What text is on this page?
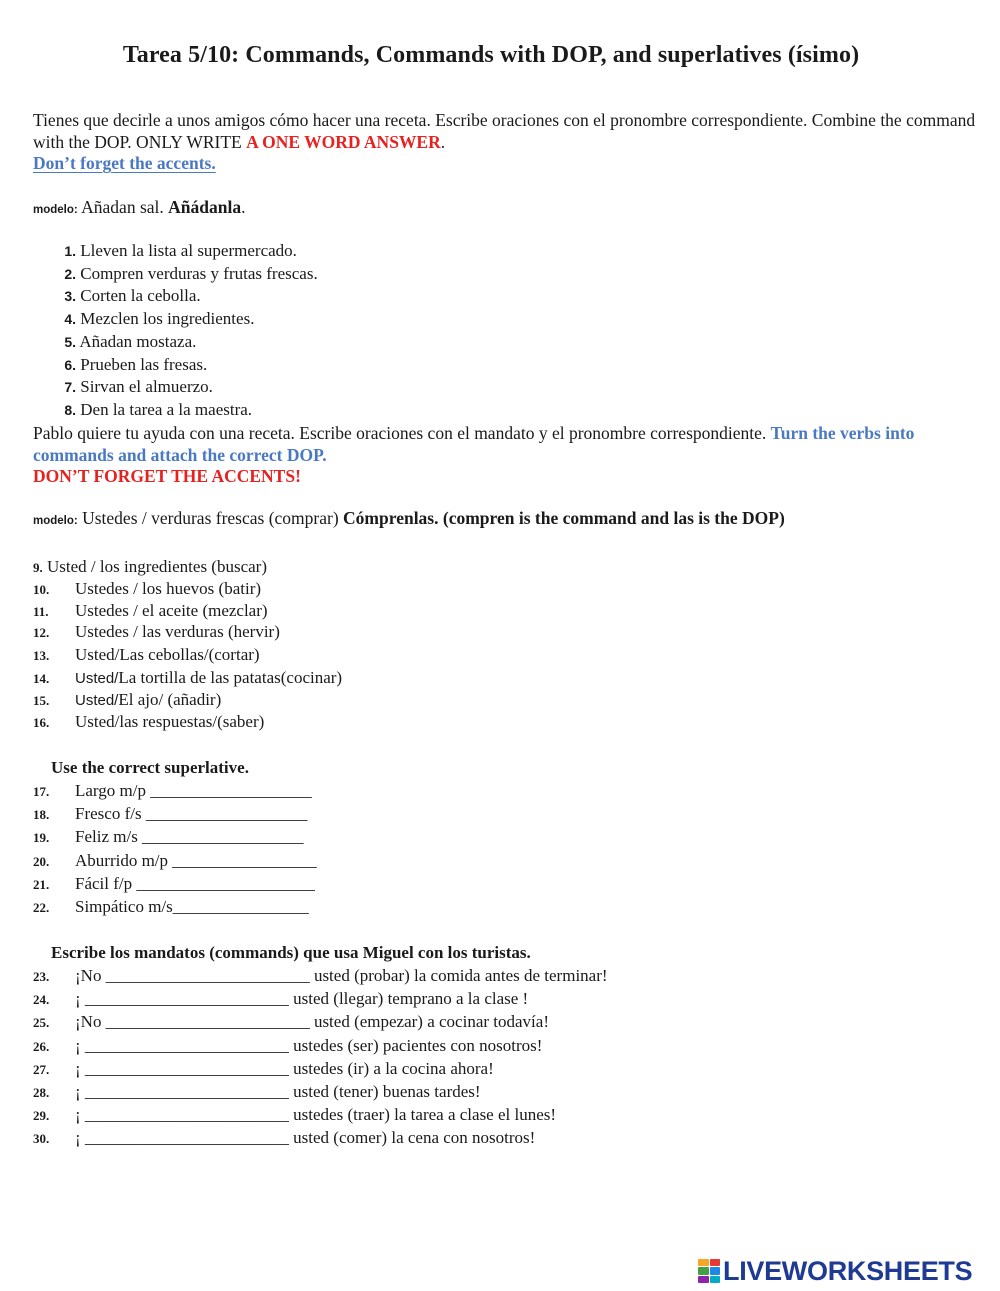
Tarea 5/10: Commands, Commands with DOP, and superlatives (ísimo)
Tienes que decirle a unos amigos cómo hacer una receta. Escribe oraciones con el pronombre correspondiente. Combine the command with the DOP. ONLY WRITE A ONE WORD ANSWER.
Don’t forget the accents.
modelo: Añadan sal. Añádanla.
1. Lleven la lista al supermercado.
2. Compren verduras y frutas frescas.
3. Corten la cebolla.
4. Mezclen los ingredientes.
5. Añadan mostaza.
6. Prueben las fresas.
7. Sirvan el almuerzo.
8. Den la tarea a la maestra.
Pablo quiere tu ayuda con una receta. Escribe oraciones con el mandato y el pronombre correspondiente. Turn the verbs into commands and attach the correct DOP.
DON’T FORGET THE ACCENTS!
modelo: Ustedes / verduras frescas (comprar) Cómprenlas. (compren is the command and las is the DOP)
9. Usted / los ingredientes (buscar)
10. Ustedes / los huevos (batir)
11. Ustedes / el aceite (mezclar)
12. Ustedes / las verduras (hervir)
13. Usted/Las cebollas/(cortar)
14. Usted/La tortilla de las patatas(cocinar)
15. Usted/El ajo/ (añadir)
16. Usted/las respuestas/(saber)
Use the correct superlative.
17. Largo m/p ___________________
18. Fresco f/s ___________________
19. Feliz m/s ___________________
20. Aburrido m/p _________________
21. Fácil f/p _____________________
22. Simpático m/s________________
Escribe los mandatos (commands) que usa Miguel con los turistas.
23. ¡No ________________________ usted (probar) la comida antes de terminar!
24. ¡ ________________________ usted (llegar) temprano a la clase !
25. ¡No ________________________ usted (empezar) a cocinar todavía!
26. ¡ ________________________ ustedes (ser) pacientes con nosotros!
27. ¡ ________________________ ustedes (ir) a la cocina ahora!
28. ¡ ________________________ usted (tener) buenas tardes!
29. ¡ ________________________ ustedes (traer) la tarea a clase el lunes!
30. ¡ ________________________ usted (comer) la cena con nosotros!
LIVEWORKSHEETS
